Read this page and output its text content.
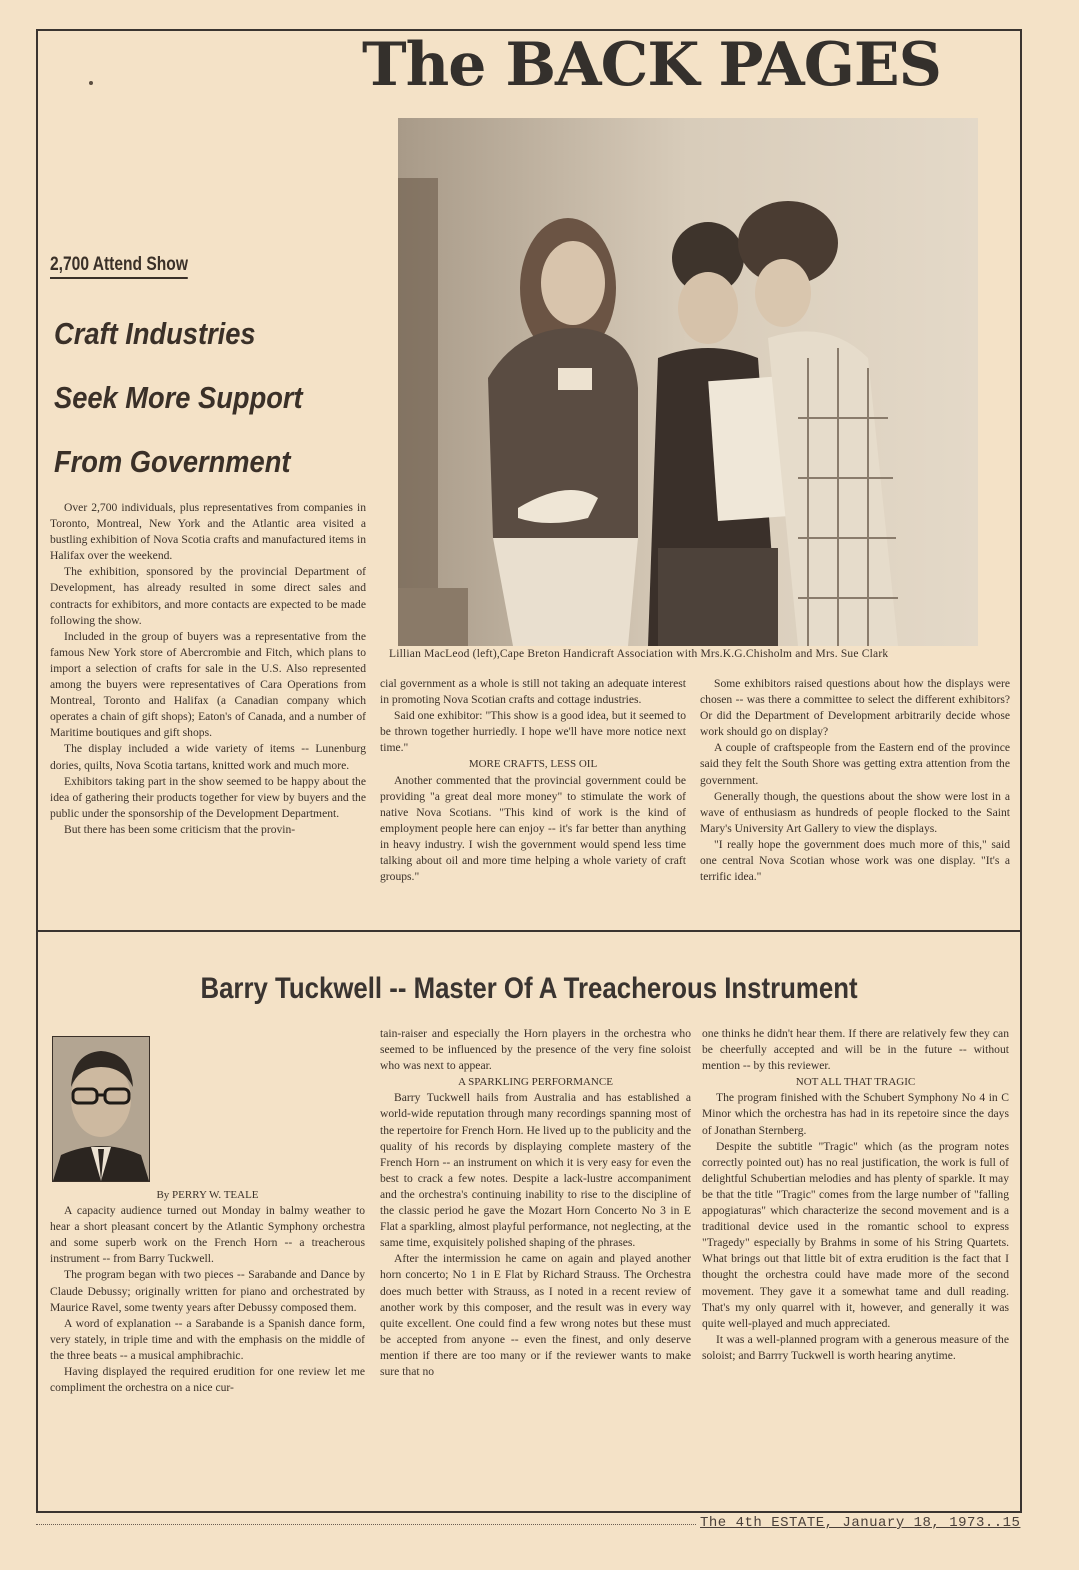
The BACK PAGES
2,700 Attend Show
Craft Industries
Seek More Support
From Government
Lillian MacLeod (left),Cape Breton Handicraft Association with Mrs.K.G.Chisholm and Mrs. Sue Clark

Over 2,700 individuals, plus representatives from companies in Toronto, Montreal, New York and the Atlantic area visited a bustling exhibition of Nova Scotia crafts and manufactured items in Halifax over the weekend.

The exhibition, sponsored by the provincial Department of Development, has already resulted in some direct sales and contracts for exhibitors, and more contacts are expected to be made following the show.

Included in the group of buyers was a representative from the famous New York store of Abercrombie and Fitch, which plans to import a selection of crafts for sale in the U.S. Also represented among the buyers were representatives of Cara Operations from Montreal, Toronto and Halifax (a Canadian company which operates a chain of gift shops); Eaton's of Canada, and a number of Maritime boutiques and gift shops.

The display included a wide variety of items -- Lunenburg dories, quilts, Nova Scotia tartans, knitted work and much more.

Exhibitors taking part in the show seemed to be happy about the idea of gathering their products together for view by buyers and the public under the sponsorship of the Development Department.

But there has been some criticism that the provin-

cial government as a whole is still not taking an adequate interest in promoting Nova Scotian crafts and cottage industries.

Said one exhibitor: "This show is a good idea, but it seemed to be thrown together hurriedly. I hope we'll have more notice next time."

MORE CRAFTS, LESS OIL

Another commented that the provincial government could be providing "a great deal more money" to stimulate the work of native Nova Scotians. "This kind of work is the kind of employment people here can enjoy -- it's far better than anything in heavy industry. I wish the government would spend less time talking about oil and more time helping a whole variety of craft groups."

Some exhibitors raised questions about how the displays were chosen -- was there a committee to select the different exhibitors? Or did the Department of Development arbitrarily decide whose work should go on display?

A couple of craftspeople from the Eastern end of the province said they felt the South Shore was getting extra attention from the government.

Generally though, the questions about the show were lost in a wave of enthusiasm as hundreds of people flocked to the Saint Mary's University Art Gallery to view the displays.

"I really hope the government does much more of this," said one central Nova Scotian whose work was one display. "It's a terrific idea."

Barry Tuckwell -- Master Of A Treacherous Instrument

By PERRY W. TEALE

A capacity audience turned out Monday in balmy weather to hear a short pleasant concert by the Atlantic Symphony orchestra and some superb work on the French Horn -- a treacherous instrument -- from Barry Tuckwell.

The program began with two pieces -- Sarabande and Dance by Claude Debussy; originally written for piano and orchestrated by Maurice Ravel, some twenty years after Debussy composed them.

A word of explanation -- a Sarabande is a Spanish dance form, very stately, in triple time and with the emphasis on the middle of the three beats -- a musical amphibrachic.

Having displayed the required erudition for one review let me compliment the orchestra on a nice cur-

tain-raiser and especially the Horn players in the orchestra who seemed to be influenced by the presence of the very fine soloist who was next to appear.

A SPARKLING PERFORMANCE

Barry Tuckwell hails from Australia and has established a world-wide reputation through many recordings spanning most of the repertoire for French Horn. He lived up to the publicity and the quality of his records by displaying complete mastery of the French Horn -- an instrument on which it is very easy for even the best to crack a few notes. Despite a lack-lustre accompaniment and the orchestra's continuing inability to rise to the discipline of the classic period he gave the Mozart Horn Concerto No 3 in E Flat a sparkling, almost playful performance, not neglecting, at the same time, exquisitely polished shaping of the phrases.

After the intermission he came on again and played another horn concerto; No 1 in E Flat by Richard Strauss. The Orchestra does much better with Strauss, as I noted in a recent review of another work by this composer, and the result was in every way quite excellent. One could find a few wrong notes but these must be accepted from anyone -- even the finest, and only deserve mention if there are too many or if the reviewer wants to make sure that no

one thinks he didn't hear them. If there are relatively few they can be cheerfully accepted and will be in the future -- without mention -- by this reviewer.

NOT ALL THAT TRAGIC

The program finished with the Schubert Symphony No 4 in C Minor which the orchestra has had in its repetoire since the days of Jonathan Sternberg.

Despite the subtitle "Tragic" which (as the program notes correctly pointed out) has no real justification, the work is full of delightful Schubertian melodies and has plenty of sparkle. It may be that the title "Tragic" comes from the large number of "falling appogiaturas" which characterize the second movement and is a traditional device used in the romantic school to express "Tragedy" especially by Brahms in some of his String Quartets. What brings out that little bit of extra erudition is the fact that I thought the orchestra could have made more of the second movement. They gave it a somewhat tame and dull reading. That's my only quarrel with it, however, and generally it was quite well-played and much appreciated.

It was a well-planned program with a generous measure of the soloist; and Barrry Tuckwell is worth hearing anytime.

The 4th ESTATE, January 18, 1973..15
